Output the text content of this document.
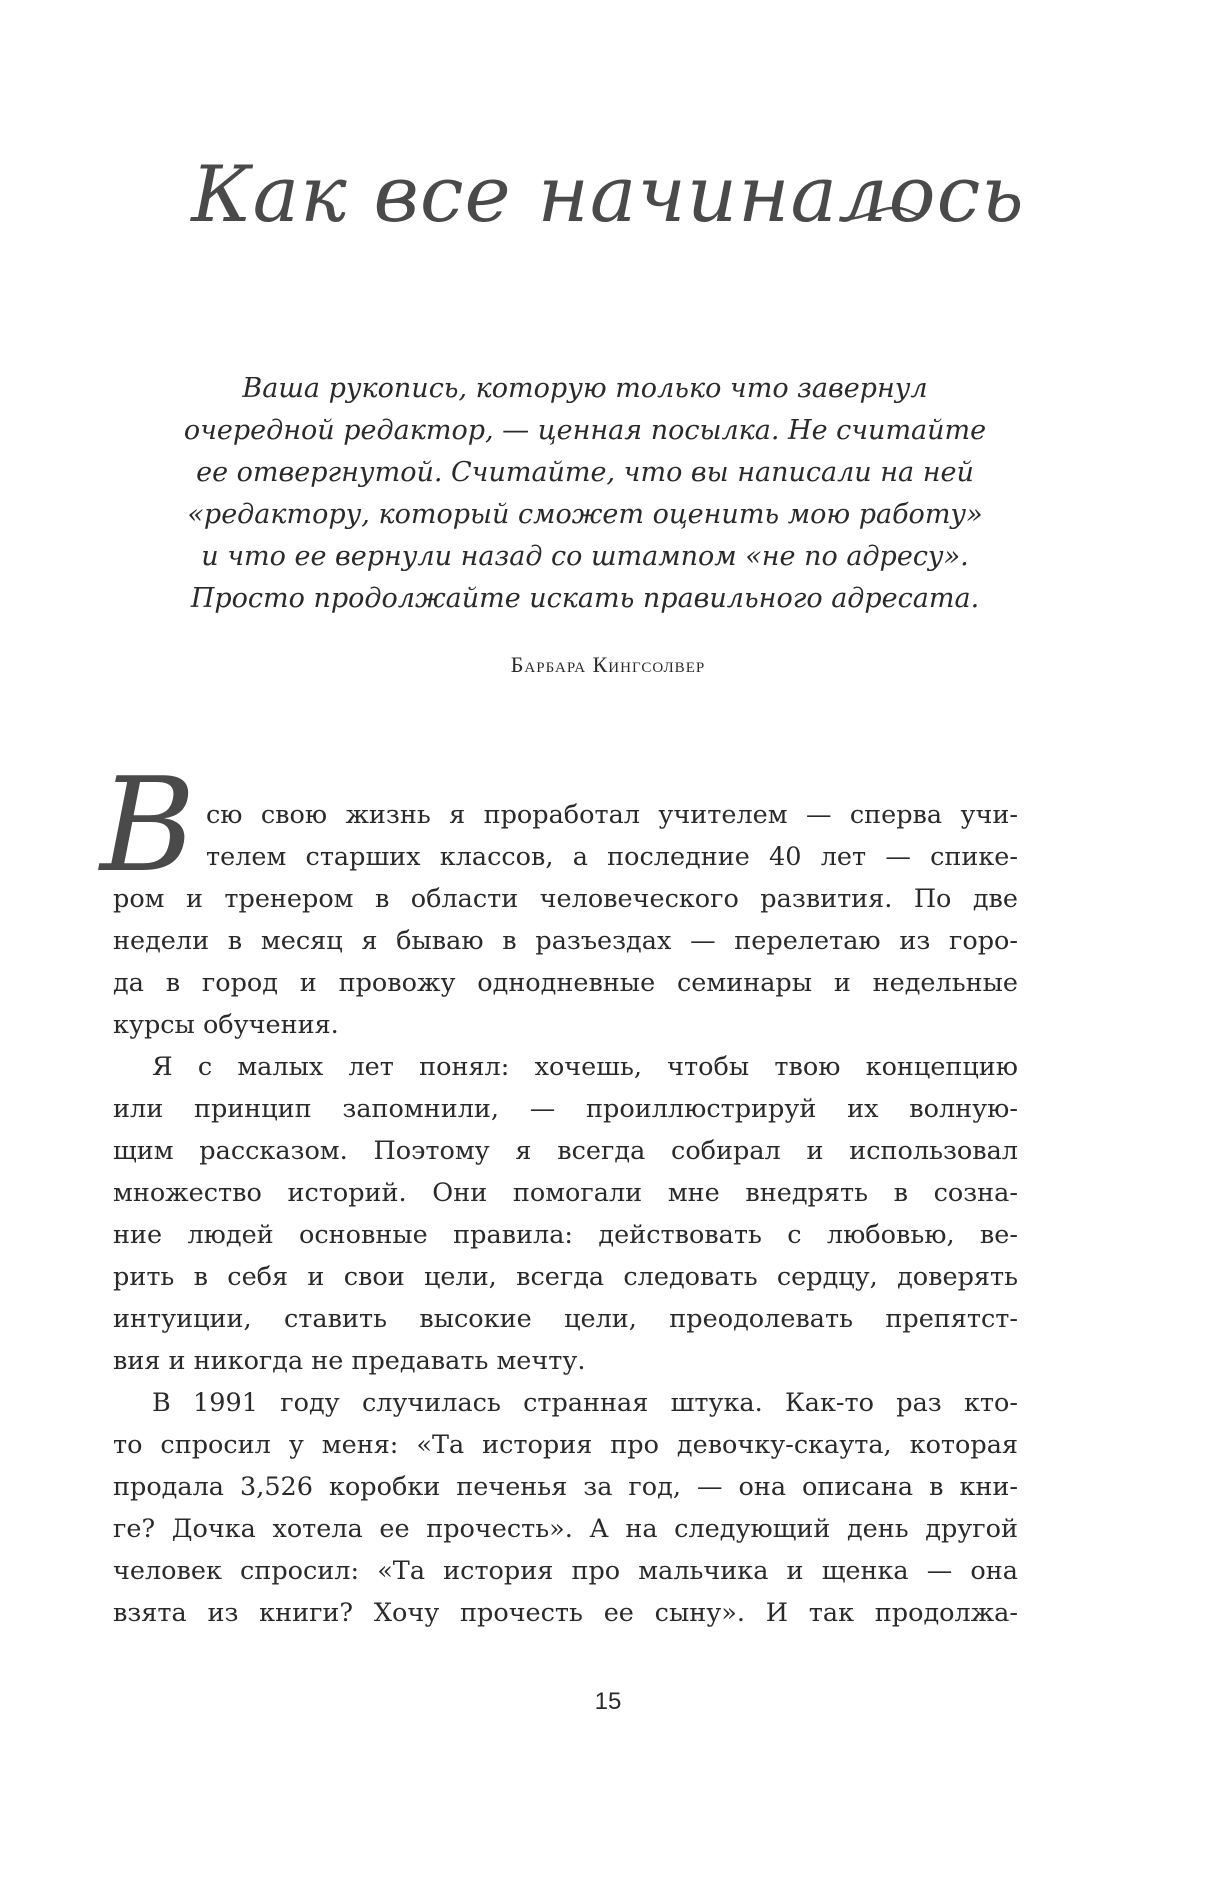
Как все начиналось
Ваша рукопись, которую только что завернул
очередной редактор, — ценная посылка. Не считайте
ее отвергнутой. Считайте, что вы написали на ней
«редактору, который сможет оценить мою работу»
и что ее вернули назад со штампом «не по адресу».
Просто продолжайте искать правильного адресата.
Барбара Кингсолвер
В сю свою жизнь я проработал учителем — сперва учи-
телем старших классов, а последние 40 лет — спике-
ром и тренером в области человеческого развития. По две
недели в месяц я бываю в разъездах — перелетаю из горо-
да в город и провожу однодневные семинары и недельные
курсы обучения.
Я с малых лет понял: хочешь, чтобы твою концепцию
или принцип запомнили, — проиллюстрируй их волную-
щим рассказом. Поэтому я всегда собирал и использовал
множество историй. Они помогали мне внедрять в созна-
ние людей основные правила: действовать с любовью, ве-
рить в себя и свои цели, всегда следовать сердцу, доверять
интуиции, ставить высокие цели, преодолевать препятст-
вия и никогда не предавать мечту.
В 1991 году случилась странная штука. Как-то раз кто-
то спросил у меня: «Та история про девочку-скаута, которая
продала 3,526 коробки печенья за год, — она описана в кни-
ге? Дочка хотела ее прочесть». А на следующий день другой
человек спросил: «Та история про мальчика и щенка — она
взята из книги? Хочу прочесть ее сыну». И так продолжа-
15
